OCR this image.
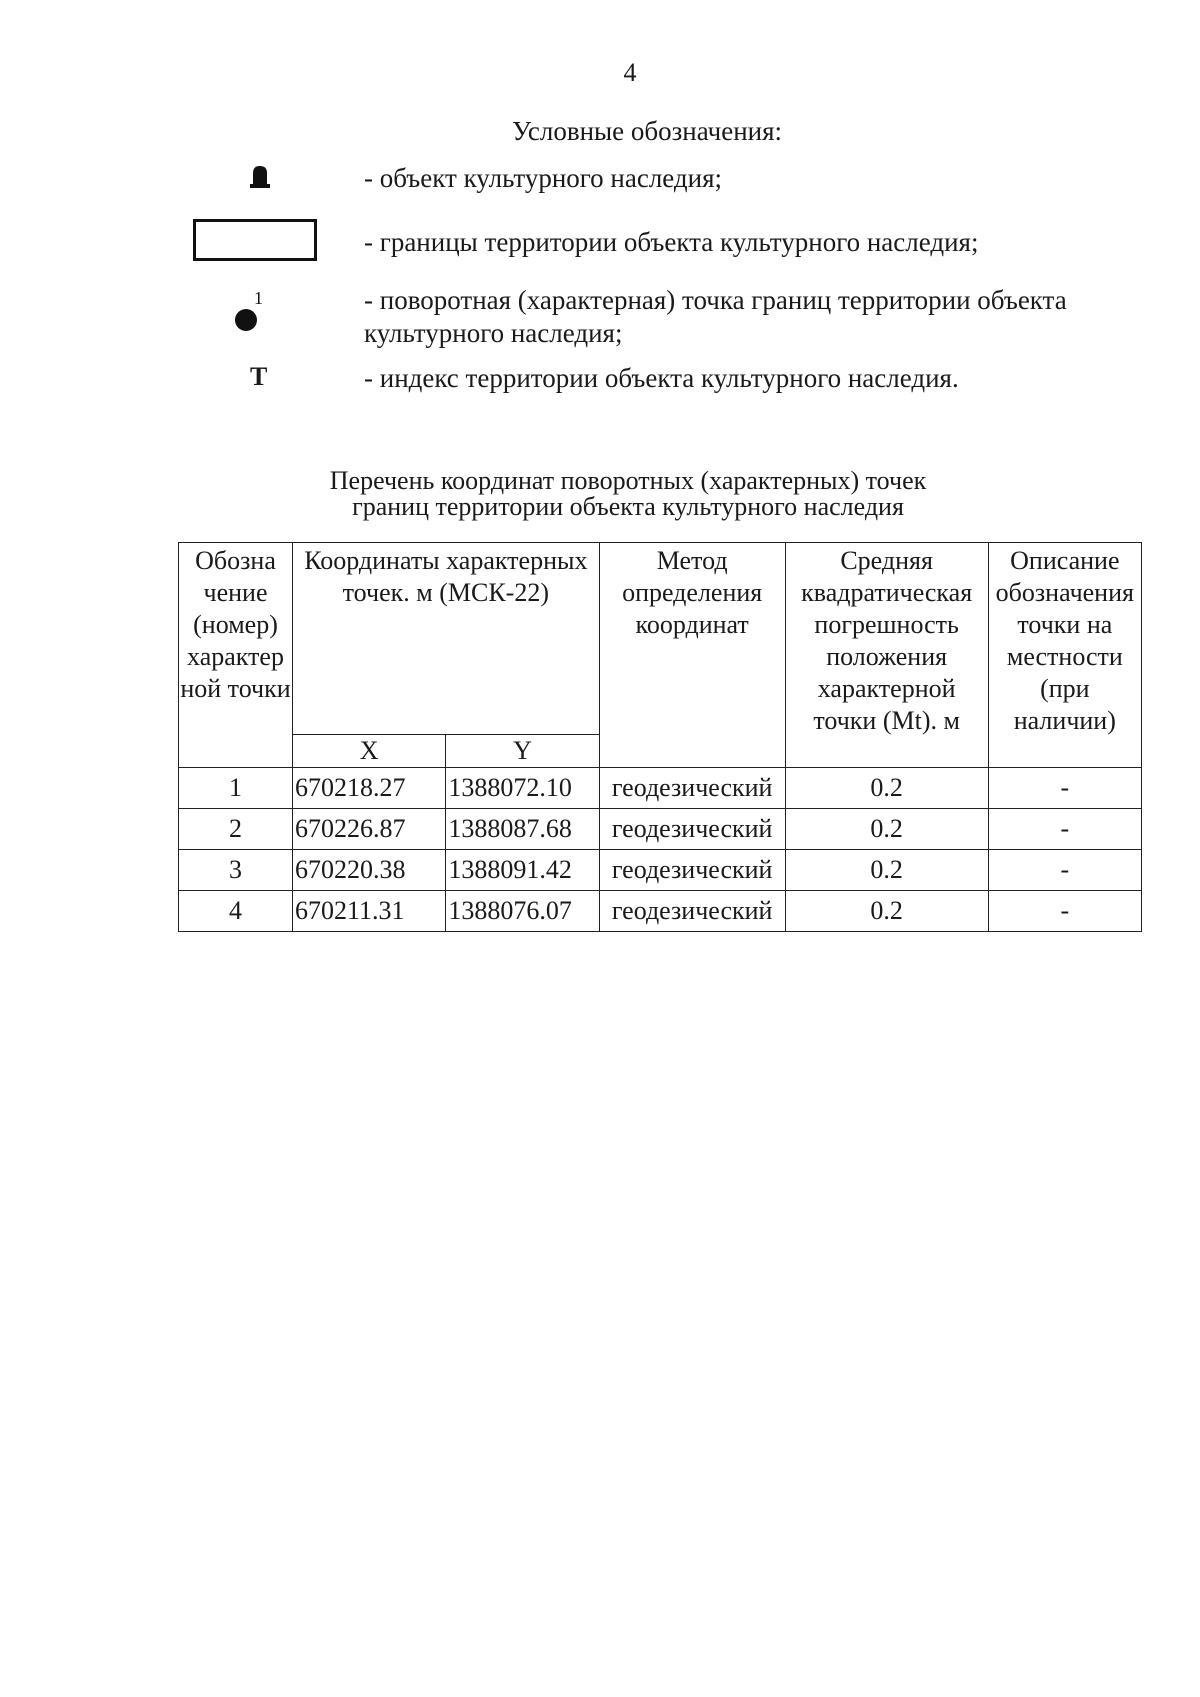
4
Условные обозначения:
- объект культурного наследия;
- границы территории объекта культурного наследия;
1	- поворотная (характерная) точка границ территории объекта культурного наследия;
Т	- индекс территории объекта культурного наследия.
Перечень координат поворотных (характерных) точек
границ территории объекта культурного наследия
Обозна чение (номер) характер ной точки	Координаты характерных точек. м (МСК-22)		Метод определения координат	Средняя квадратическая погрешность положения характерной точки (Mt). м	Описание обозначения точки на местности (при наличии)
	X	Y			
1	670218.27	1388072.10	геодезический	0.2	-
2	670226.87	1388087.68	геодезический	0.2	-
3	670220.38	1388091.42	геодезический	0.2	-
4	670211.31	1388076.07	геодезический	0.2	-
